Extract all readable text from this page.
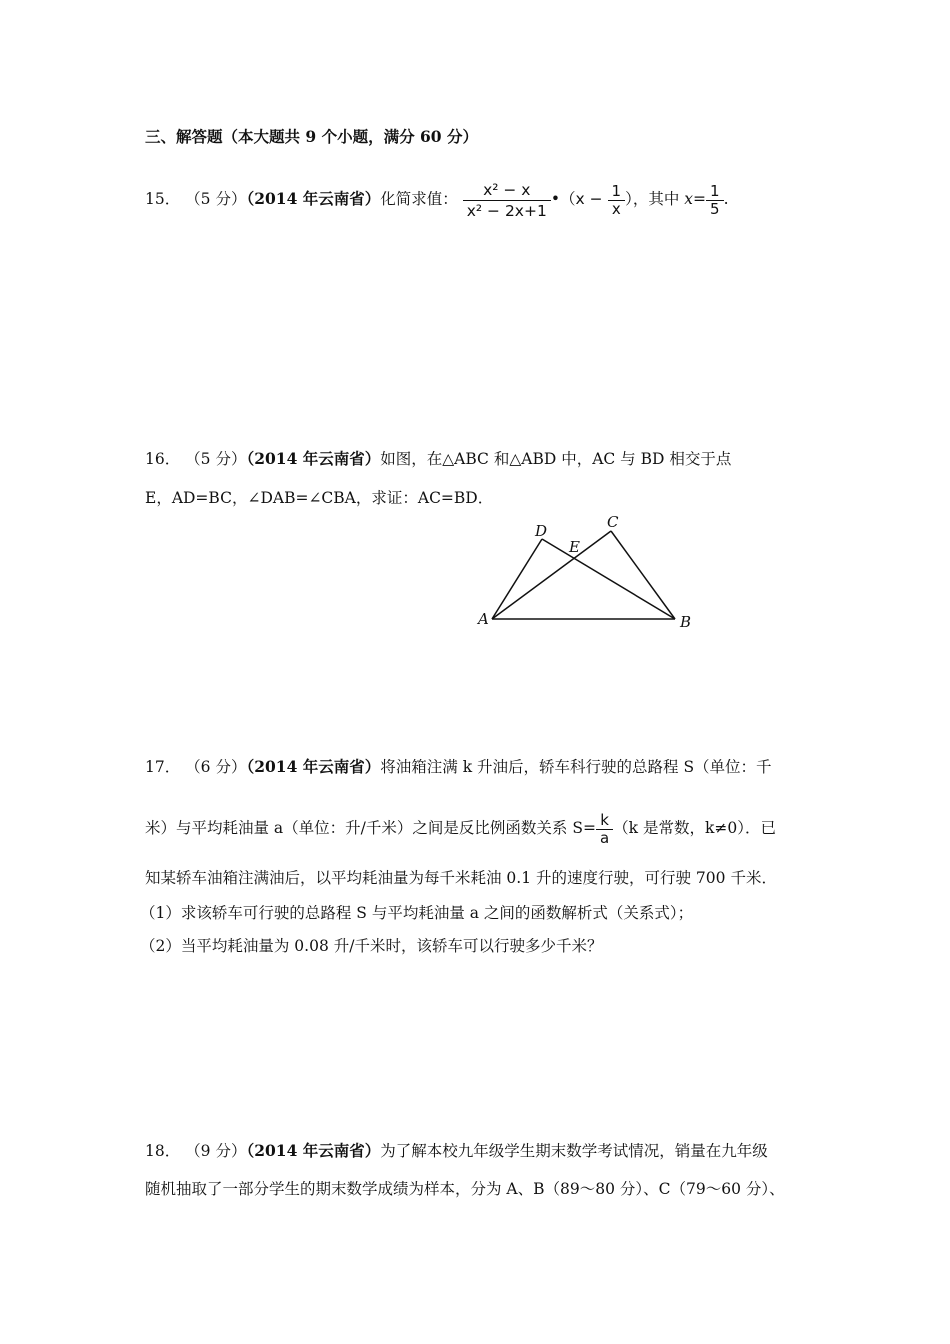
三、解答题（本大题共 9 个小题，满分 60 分）
15． （5 分）（2014 年云南省）化简求值： $\frac{\text{x² − x}}{\text{x² − 2x+1}}$ •（x − $\frac{1}{x}$ ），其中 $x= \frac{1}{5}$ .
16． （5 分）（2014 年云南省）如图，在△ABC 和△ABD 中，AC 与 BD 相交于点
E，AD=BC，∠DAB=∠CBA，求证：AC=BD．
A	B
C
D
E
17． （6 分）（2014 年云南省）将油箱注满 k 升油后，轿车科行驶的总路程 S（单位：千
米）与平均耗油量 a（单位：升/千米）之间是反比例函数关系 $S= \frac{k}{a} (k$ 是常数，k≠0）．已
知某轿车油箱注满油后，以平均耗油量为每千米耗油 0.1 升的速度行驶，可行驶 700 千米．
（1）求该轿车可行驶的总路程 S 与平均耗油量 a 之间的函数解析式（关系式）；
（2）当平均耗油量为 0.08 升/千米时，该轿车可以行驶多少千米？
18． （9 分）（2014 年云南省）为了解本校九年级学生期末数学考试情况，销量在九年级
随机抽取了一部分学生的期末数学成绩为样本，分为 A、B（89～80 分）、C（79～60 分）、
